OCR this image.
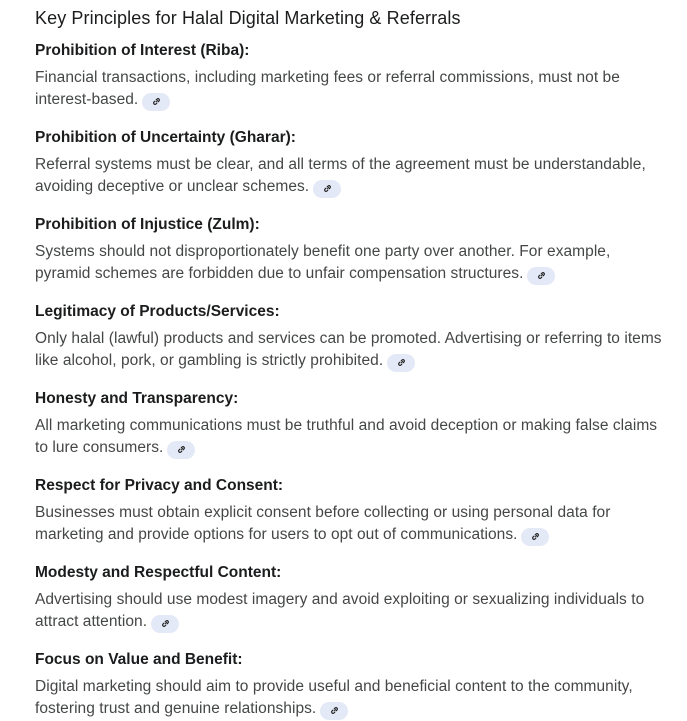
Key Principles for Halal Digital Marketing & Referrals
Prohibition of Interest (Riba):

Financial transactions, including marketing fees or referral commissions, must not be interest-based.

Prohibition of Uncertainty (Gharar):

Referral systems must be clear, and all terms of the agreement must be understandable, avoiding deceptive or unclear schemes.

Prohibition of Injustice (Zulm):

Systems should not disproportionately benefit one party over another. For example, pyramid schemes are forbidden due to unfair compensation structures.

Legitimacy of Products/Services:

Only halal (lawful) products and services can be promoted. Advertising or referring to items like alcohol, pork, or gambling is strictly prohibited.

Honesty and Transparency:

All marketing communications must be truthful and avoid deception or making false claims to lure consumers.

Respect for Privacy and Consent:

Businesses must obtain explicit consent before collecting or using personal data for marketing and provide options for users to opt out of communications.

Modesty and Respectful Content:

Advertising should use modest imagery and avoid exploiting or sexualizing individuals to attract attention.

Focus on Value and Benefit:

Digital marketing should aim to provide useful and beneficial content to the community, fostering trust and genuine relationships.
